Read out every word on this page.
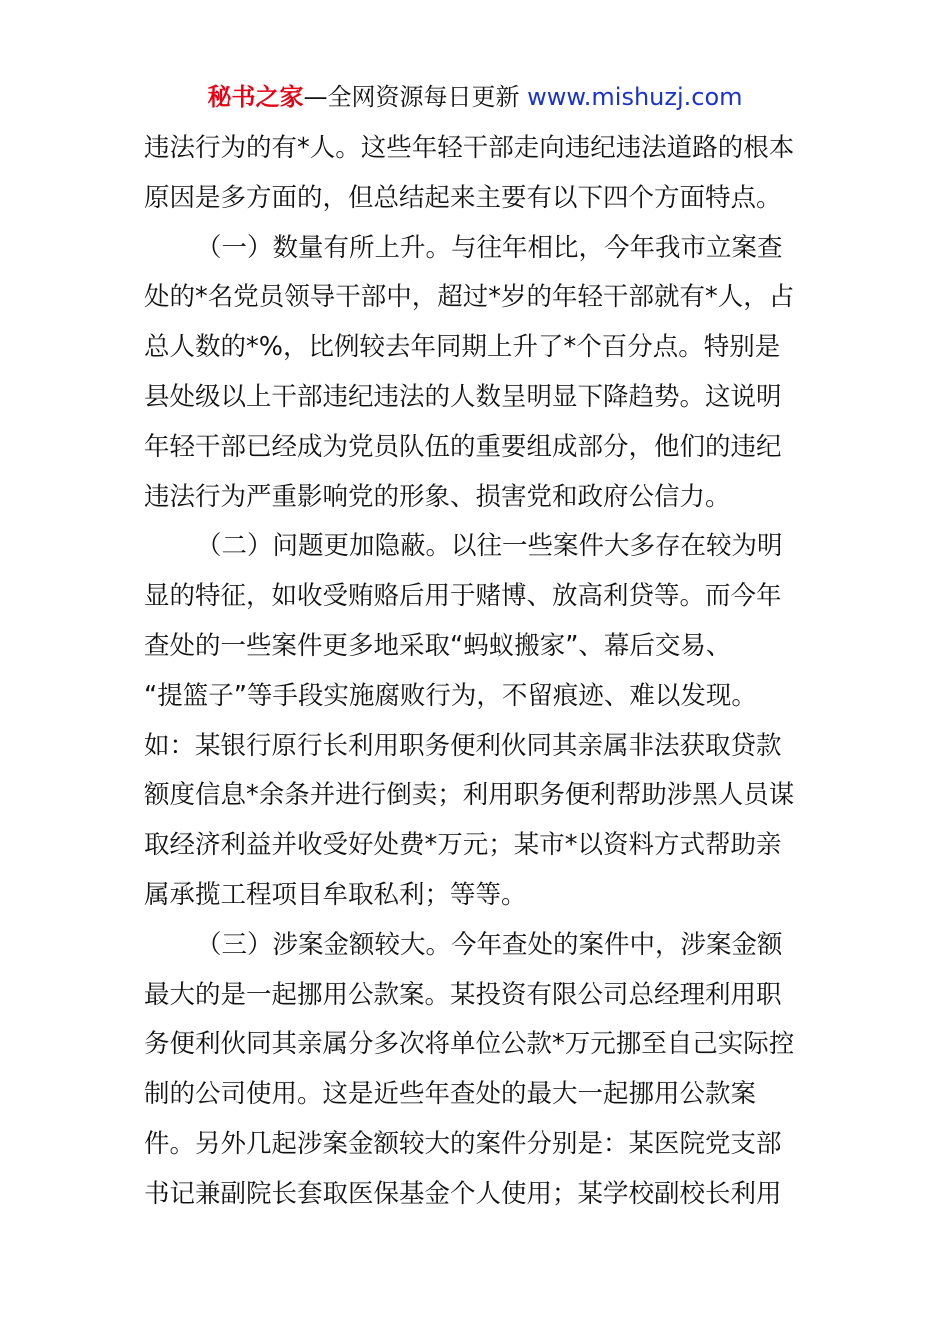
秘书之家—全网资源每日更新 www.mishuzj.com
违法行为的有*人。这些年轻干部走向违纪违法道路的根本
原因是多方面的，但总结起来主要有以下四个方面特点。
（一）数量有所上升。与往年相比，今年我市立案查
处的*名党员领导干部中，超过*岁的年轻干部就有*人，占
总人数的*%，比例较去年同期上升了*个百分点。特别是
县处级以上干部违纪违法的人数呈明显下降趋势。这说明
年轻干部已经成为党员队伍的重要组成部分，他们的违纪
违法行为严重影响党的形象、损害党和政府公信力。
（二）问题更加隐蔽。以往一些案件大多存在较为明
显的特征，如收受贿赂后用于赌博、放高利贷等。而今年
查处的一些案件更多地采取“蚂蚁搬家”、幕后交易、
“提篮子”等手段实施腐败行为，不留痕迹、难以发现。
如：某银行原行长利用职务便利伙同其亲属非法获取贷款
额度信息*余条并进行倒卖；利用职务便利帮助涉黑人员谋
取经济利益并收受好处费*万元；某市*以资料方式帮助亲
属承揽工程项目牟取私利；等等。
（三）涉案金额较大。今年查处的案件中，涉案金额
最大的是一起挪用公款案。某投资有限公司总经理利用职
务便利伙同其亲属分多次将单位公款*万元挪至自己实际控
制的公司使用。这是近些年查处的最大一起挪用公款案
件。另外几起涉案金额较大的案件分别是：某医院党支部
书记兼副院长套取医保基金个人使用；某学校副校长利用
